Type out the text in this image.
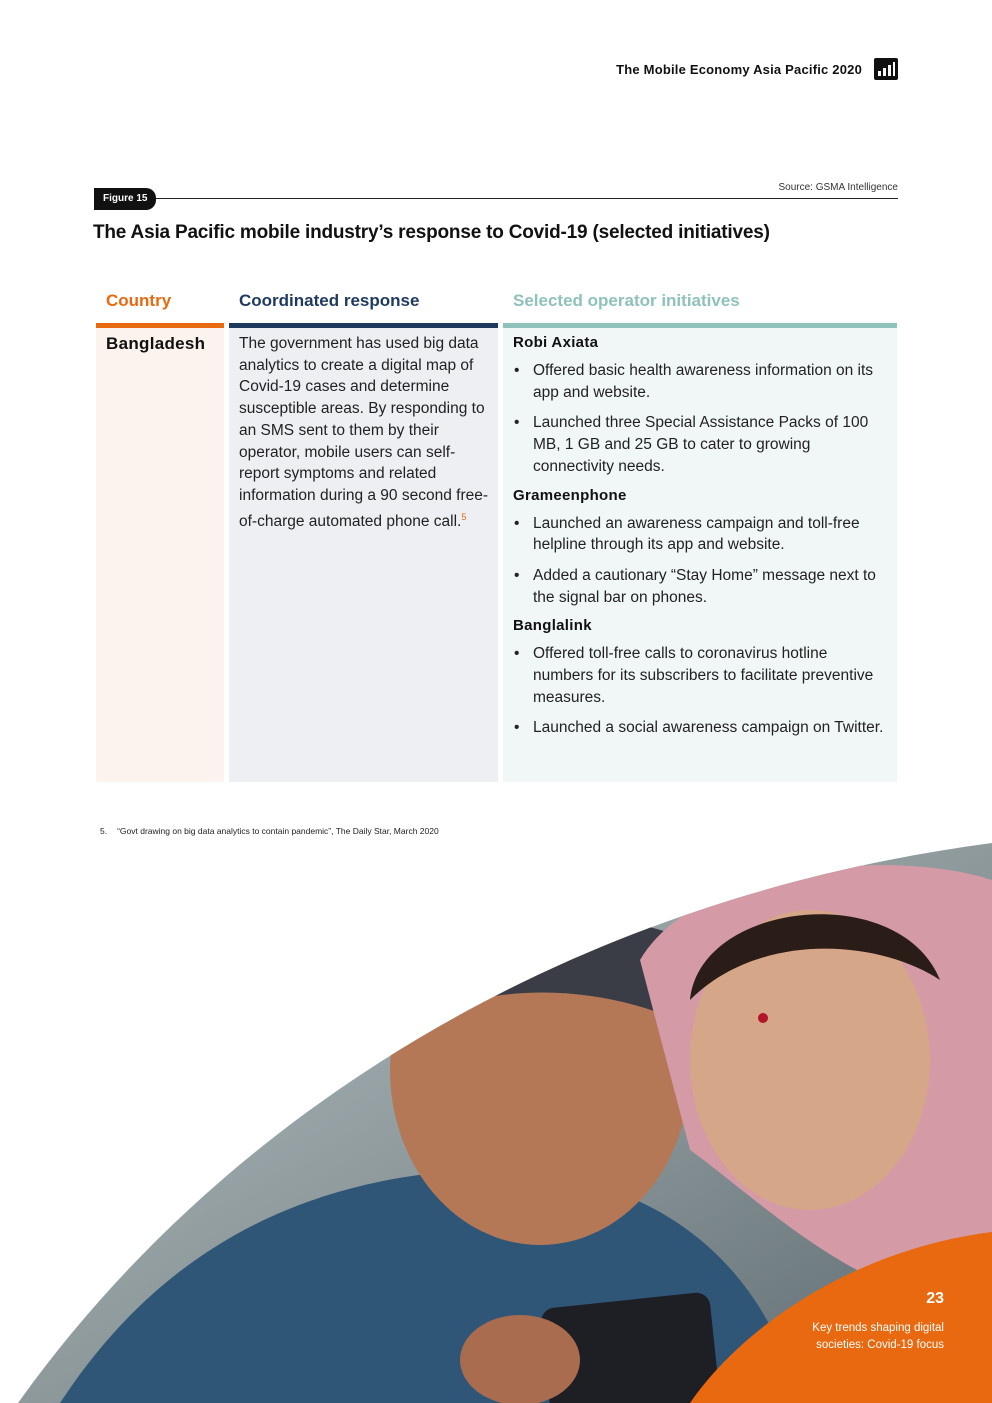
The Mobile Economy Asia Pacific 2020
Figure 15
Source: GSMA Intelligence
The Asia Pacific mobile industry’s response to Covid-19 (selected initiatives)
Country	Coordinated response	Selected operator initiatives
Bangladesh The government has used big data analytics to create a digital map of Covid-19 cases and determine susceptible areas. By responding to an SMS sent to them by their operator, mobile users can self-report symptoms and related information during a 90 second free-of-charge automated phone call.$^5$
Robi Axiata
• Offered basic health awareness information on its app and website.
• Launched three Special Assistance Packs of 100 MB, 1 GB and 25 GB to cater to growing connectivity needs.
Grameenphone
• Launched an awareness campaign and toll-free helpline through its app and website.
• Added a cautionary “Stay Home” message next to the signal bar on phones.
Banglalink
• Offered toll-free calls to coronavirus hotline numbers for its subscribers to facilitate preventive measures.
• Launched a social awareness campaign on Twitter.
5. “Govt drawing on big data analytics to contain pandemic”, The Daily Star, March 2020
23
Key trends shaping digital societies: Covid-19 focus
